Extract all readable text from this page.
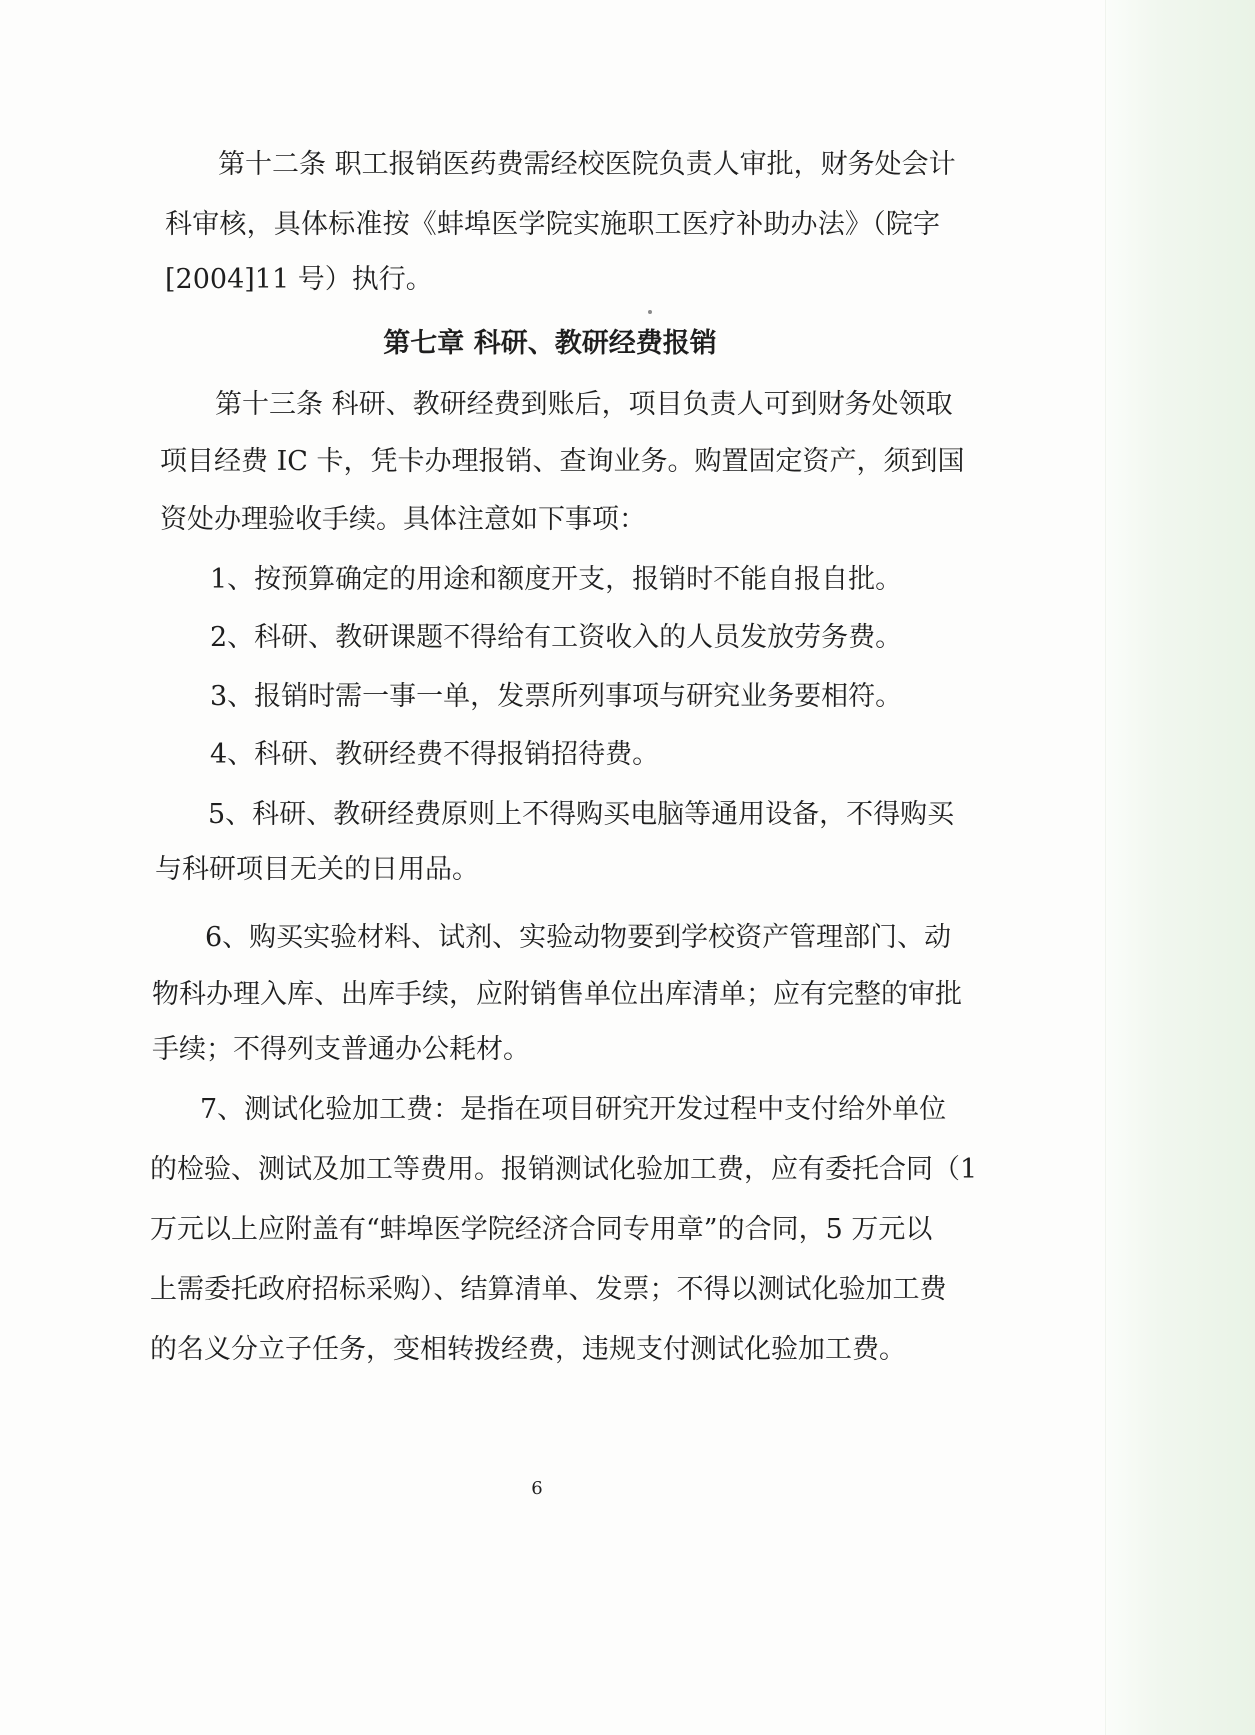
第十二条 职工报销医药费需经校医院负责人审批，财务处会计
科审核，具体标准按《蚌埠医学院实施职工医疗补助办法》（院字
[2004]11 号）执行。
第七章 科研、教研经费报销
第十三条 科研、教研经费到账后，项目负责人可到财务处领取
项目经费 IC 卡，凭卡办理报销、查询业务。购置固定资产，须到国
资处办理验收手续。具体注意如下事项：
1、按预算确定的用途和额度开支，报销时不能自报自批。
2、科研、教研课题不得给有工资收入的人员发放劳务费。
3、报销时需一事一单，发票所列事项与研究业务要相符。
4、科研、教研经费不得报销招待费。
5、科研、教研经费原则上不得购买电脑等通用设备，不得购买
与科研项目无关的日用品。
6、购买实验材料、试剂、实验动物要到学校资产管理部门、动
物科办理入库、出库手续，应附销售单位出库清单；应有完整的审批
手续；不得列支普通办公耗材。
7、测试化验加工费：是指在项目研究开发过程中支付给外单位
的检验、测试及加工等费用。报销测试化验加工费，应有委托合同（1
万元以上应附盖有“蚌埠医学院经济合同专用章”的合同，5 万元以
上需委托政府招标采购）、结算清单、发票；不得以测试化验加工费
的名义分立子任务，变相转拨经费，违规支付测试化验加工费。
6
